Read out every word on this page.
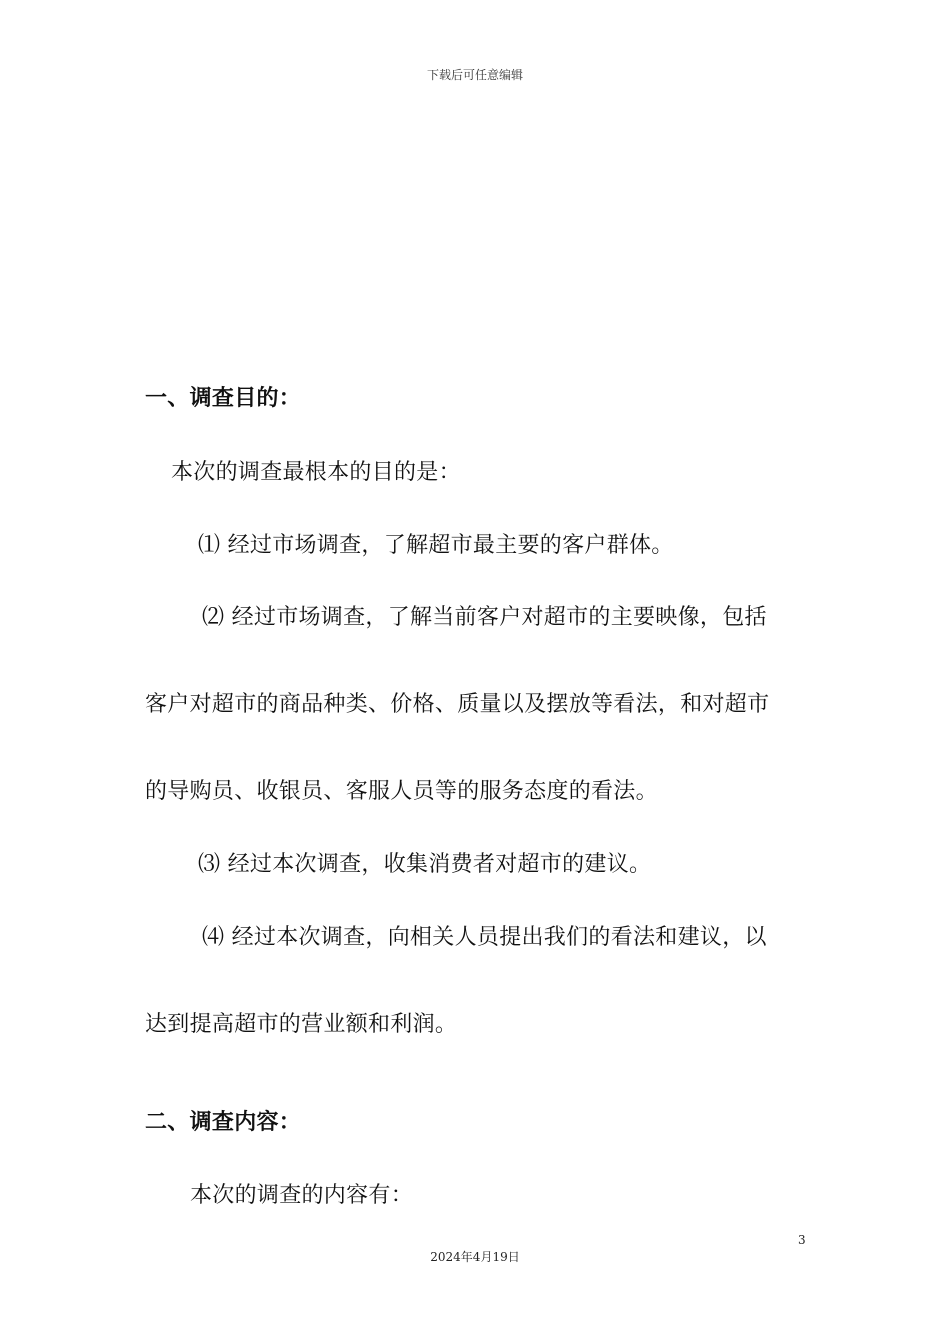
下载后可任意编辑
一、调查目的：
本次的调查最根本的目的是：
⑴ 经过市场调查，了解超市最主要的客户群体。
⑵ 经过市场调查，了解当前客户对超市的主要映像，包括
客户对超市的商品种类、价格、质量以及摆放等看法，和对超市
的导购员、收银员、客服人员等的服务态度的看法。
⑶ 经过本次调查，收集消费者对超市的建议。
⑷ 经过本次调查，向相关人员提出我们的看法和建议，以
达到提高超市的营业额和利润。
二、调查内容：
本次的调查的内容有：
3
2024年4月19日
